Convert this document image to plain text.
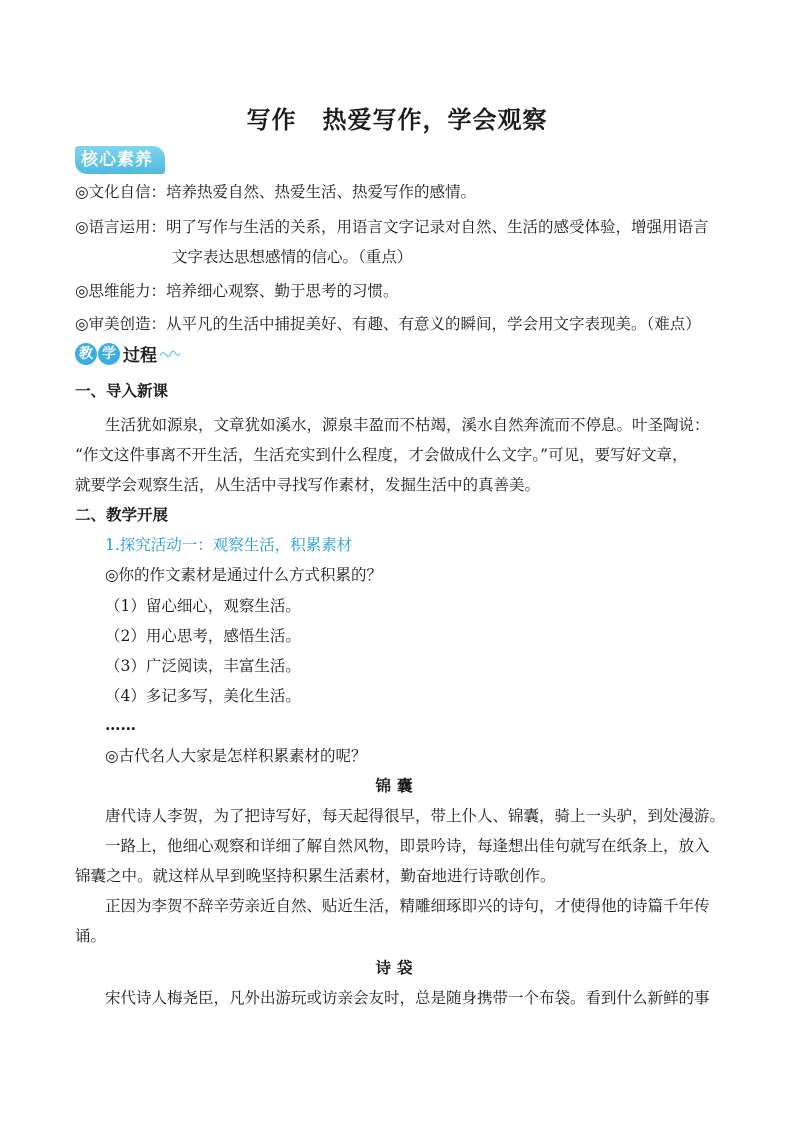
写作 热爱写作，学会观察
核心素养
◎文化自信：培养热爱自然、热爱生活、热爱写作的感情。
◎语言运用：明了写作与生活的关系，用语言文字记录对自然、生活的感受体验，增强用语言
文字表达思想感情的信心。（重点）
◎思维能力：培养细心观察、勤于思考的习惯。
◎审美创造：从平凡的生活中捕捉美好、有趣、有意义的瞬间，学会用文字表现美。（难点）
教 学 过程
一、导入新课
生活犹如源泉，文章犹如溪水，源泉丰盈而不枯竭，溪水自然奔流而不停息。叶圣陶说：
“作文这件事离不开生活，生活充实到什么程度，才会做成什么文字。”可见，要写好文章，
就要学会观察生活，从生活中寻找写作素材，发掘生活中的真善美。
二、教学开展
1.探究活动一：观察生活，积累素材
◎你的作文素材是通过什么方式积累的？
（1）留心细心，观察生活。
（2）用心思考，感悟生活。
（3）广泛阅读，丰富生活。
（4）多记多写，美化生活。
……
◎古代名人大家是怎样积累素材的呢？
锦囊
唐代诗人李贺，为了把诗写好，每天起得很早，带上仆人、锦囊，骑上一头驴，到处漫游。
一路上，他细心观察和详细了解自然风物，即景吟诗，每逢想出佳句就写在纸条上，放入
锦囊之中。就这样从早到晚坚持积累生活素材，勤奋地进行诗歌创作。
正因为李贺不辞辛劳亲近自然、贴近生活，精雕细琢即兴的诗句，才使得他的诗篇千年传
诵。
诗袋
宋代诗人梅尧臣，凡外出游玩或访亲会友时，总是随身携带一个布袋。看到什么新鲜的事
